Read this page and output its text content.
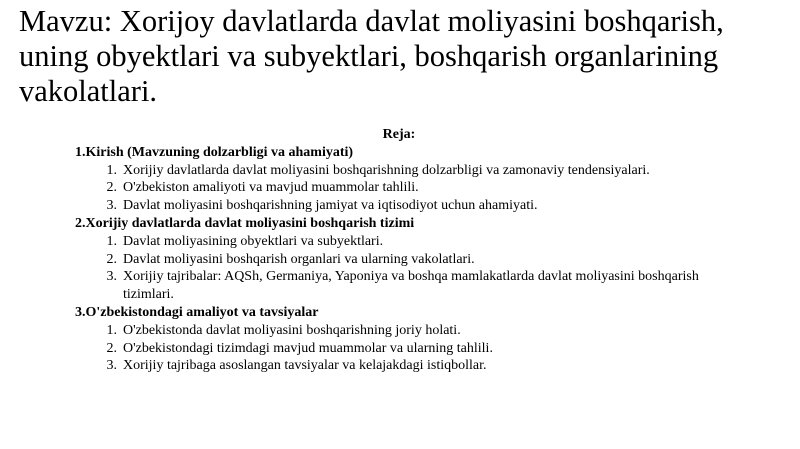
Mavzu: Xorijoy davlatlarda davlat moliyasini boshqarish, uning obyektlari va subyektlari, boshqarish organlarining vakolatlari.
Reja:
1.Kirish (Mavzuning dolzarbligi va ahamiyati)
1. Xorijiy davlatlarda davlat moliyasini boshqarishning dolzarbligi va zamonaviy tendensiyalari.
2. O'zbekiston amaliyoti va mavjud muammolar tahlili.
3. Davlat moliyasini boshqarishning jamiyat va iqtisodiyot uchun ahamiyati.
2.Xorijiy davlatlarda davlat moliyasini boshqarish tizimi
1. Davlat moliyasining obyektlari va subyektlari.
2. Davlat moliyasini boshqarish organlari va ularning vakolatlari.
3. Xorijiy tajribalar: AQSh, Germaniya, Yaponiya va boshqa mamlakatlarda davlat moliyasini boshqarish tizimlari.
3.O'zbekistondagi amaliyot va tavsiyalar
1. O'zbekistonda davlat moliyasini boshqarishning joriy holati.
2. O'zbekistondagi tizimdagi mavjud muammolar va ularning tahlili.
3. Xorijiy tajribaga asoslangan tavsiyalar va kelajakdagi istiqbollar.
